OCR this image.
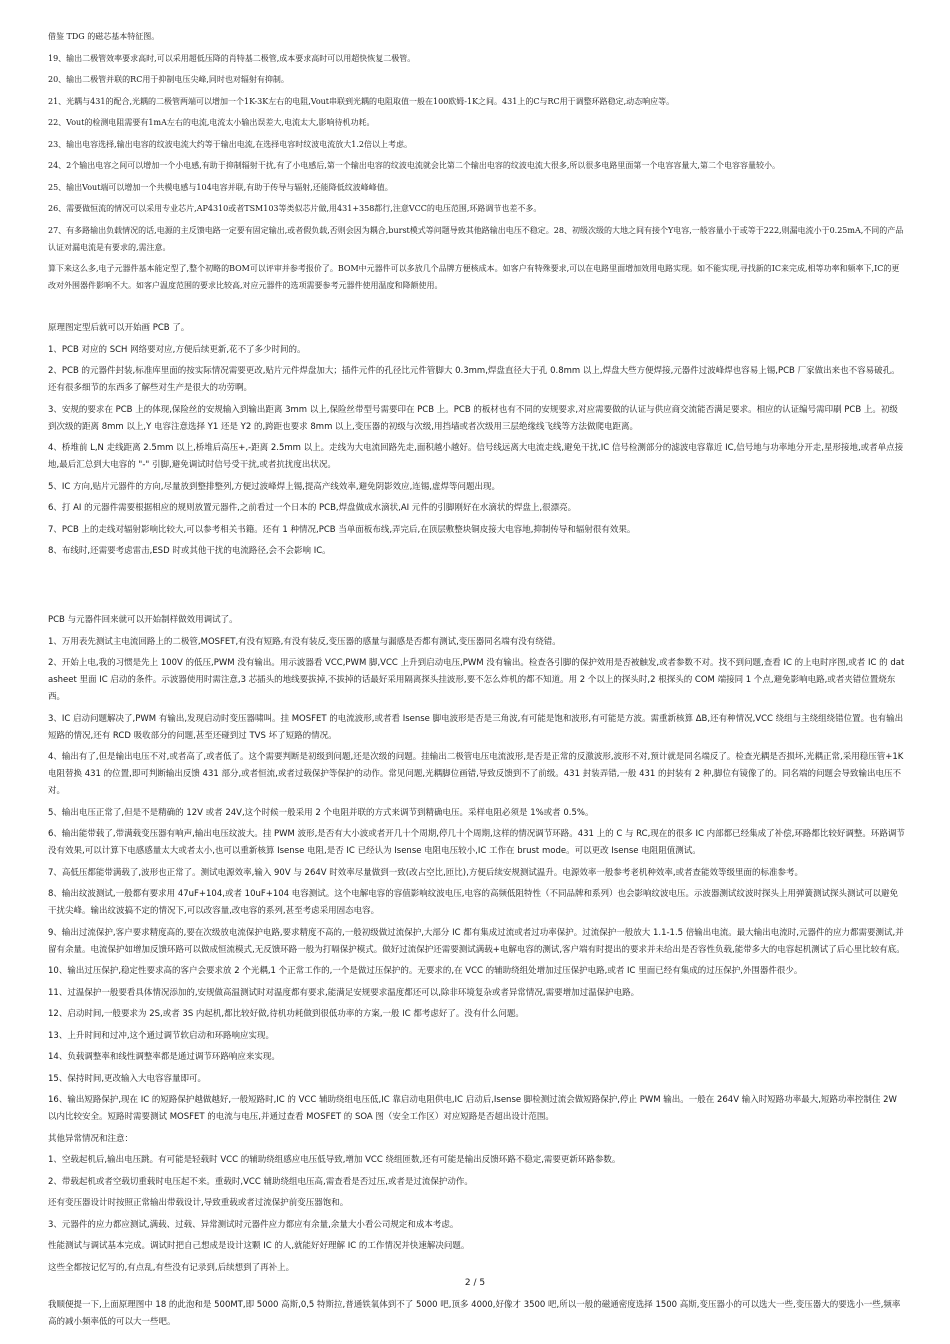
借鉴 TDG 的磁芯基本特征图。

19、输出二极管效率要求高时,可以采用超低压降的肖特基二极管,成本要求高时可以用超快恢复二极管。

20、输出二极管并联的RC用于抑制电压尖峰,同时也对辐射有抑制。

21、光耦与431的配合,光耦的二极管两端可以增加一个1K-3K左右的电阻,Vout串联到光耦的电阻取值一般在100欧姆-1K之间。431上的C与RC用于调整环路稳定,动态响应等。

22、Vout的检测电阻需要有1mA左右的电流,电流太小输出误差大,电流太大,影响待机功耗。

23、输出电容选择,输出电容的纹波电流大约等于输出电流,在选择电容时纹波电流放大1.2倍以上考虑。

24、2个输出电容之间可以增加一个小电感,有助于抑制辐射干扰,有了小电感后,第一个输出电容的纹波电流就会比第二个输出电容的纹波电流大很多,所以很多电路里面第一个电容容量大,第二个电容容量较小。

25、输出Vout端可以增加一个共模电感与104电容并联,有助于传导与辐射,还能降低纹波峰峰值。

26、需要做恒流的情况可以采用专业芯片,AP4310或者TSM103等类似芯片做,用431+358都行,注意VCC的电压范围,环路调节也差不多。

27、有多路输出负载情况的话,电源的主反馈电路一定要有固定输出,或者假负载,否则会因为耦合,burst模式等问题导致其他路输出电压不稳定。28、初级次级的大地之间有接个Y电容,一般容量小于或等于222,则漏电流小于0.25mA,不同的产品认证对漏电流是有要求的,需注意。

算下来这么多,电子元器件基本能定型了,整个初略的BOM可以评审并参考报价了。BOM中元器件可以多放几个品牌方便核成本。如客户有特殊要求,可以在电路里面增加效用电路实现。如不能实现,寻找新的IC来完成,相等功率和频率下,IC的更改对外围器件影响不大。如客户温度范围的要求比较高,对应元器件的选项需要参考元器件使用温度和降额使用。

原理图定型后就可以开始画 PCB 了。

1、PCB 对应的 SCH 网络要对应,方便后续更新,花不了多少时间的。

2、PCB 的元器件封装,标准库里面的按实际情况需要更改,贴片元件焊盘加大；插件元件的孔径比元件管脚大 0.3mm,焊盘直径大于孔 0.8mm 以上,焊盘大些方便焊接,元器件过波峰焊也容易上锡,PCB 厂家做出来也不容易破孔。还有很多细节的东西多了解些对生产是很大的功劳啊。

3、安规的要求在 PCB 上的体现,保险丝的安规输入到输出距离 3mm 以上,保险丝带型号需要印在 PCB 上。PCB 的板材也有不同的安规要求,对应需要做的认证与供应商交流能否满足要求。相应的认证编号需印刷 PCB 上。初级到次级的距离 8mm 以上,Y 电容注意选择 Y1 还是 Y2 的,跨距也要求 8mm 以上,变压器的初级与次级,用挡墙或者次级用三层绝缘线飞线等方法做爬电距离。

4、桥堆前 L,N 走线距离 2.5mm 以上,桥堆后高压+,-距离 2.5mm 以上。走线为大电流回路先走,面积越小越好。信号线远离大电流走线,避免干扰,IC 信号检测部分的滤波电容靠近 IC,信号地与功率地分开走,星形接地,或者单点接地,最后汇总到大电容的 "-" 引脚,避免调试时信号受干扰,或者抗扰度出状况。

5、IC 方向,贴片元器件的方向,尽量放到整排整列,方便过波峰焊上锡,提高产线效率,避免阴影效应,连锡,虚焊等问题出现。

6、打 AI 的元器件需要根据相应的规则放置元器件,之前看过一个日本的 PCB,焊盘做成水滴状,AI 元件的引脚刚好在水滴状的焊盘上,很漂亮。

7、PCB 上的走线对辐射影响比较大,可以参考相关书籍。还有 1 种情况,PCB 当单面板布线,弄完后,在顶层敷整块铜皮接大电容地,抑制传导和辐射很有效果。

8、布线时,还需要考虑雷击,ESD 时或其他干扰的电流路径,会不会影响 IC。

PCB 与元器件回来就可以开始制样做效用调试了。

1、万用表先测试主电流回路上的二极管,MOSFET,有没有短路,有没有装反,变压器的感量与漏感是否都有测试,变压器同名端有没有绕错。

2、开始上电,我的习惯是先上 100V 的低压,PWM 没有输出。用示波器看 VCC,PWM 脚,VCC 上升到启动电压,PWM 没有输出。检查各引脚的保护效用是否被触发,或者参数不对。找不到问题,查看 IC 的上电时序图,或者 IC 的 datasheet 里面 IC 启动的条件。示波器使用时需注意,3 芯插头的地线要拔掉,不拔掉的话最好采用隔离探头挂波形,要不怎么炸机的都不知道。用 2 个以上的探头时,2 根探头的 COM 端接同 1 个点,避免影响电路,或者夹错位置烧东西。

3、IC 启动问题解决了,PWM 有输出,发现启动时变压器啸叫。挂 MOSFET 的电流波形,或者看 Isense 脚电波形是否是三角波,有可能是饱和波形,有可能是方波。需重新核算 ΔB,还有种情况,VCC 绕组与主绕组绕错位置。也有输出短路的情况,还有 RCD 吸收部分的问题,甚至还碰到过 TVS 坏了短路的情况。

4、输出有了,但是输出电压不对,或者高了,或者低了。这个需要判断是初级到问题,还是次级的问题。挂输出二极管电压电流波形,是否是正常的反激波形,波形不对,预计就是同名端反了。检查光耦是否损坏,光耦正常,采用稳压管+1K 电阻替换 431 的位置,即可判断输出反馈 431 部分,或者恒流,或者过载保护等保护的动作。常见问题,光耦脚位画错,导致反馈到不了前级。431 封装弄错,一般 431 的封装有 2 种,脚位有镜像了的。同名端的问题会导致输出电压不对。

5、输出电压正常了,但是不是精确的 12V 或者 24V,这个时候一般采用 2 个电阻并联的方式来调节到精确电压。采样电阻必须是 1%或者 0.5%。

6、输出能带载了,带满载变压器有响声,输出电压纹波大。挂 PWM 波形,是否有大小波或者开几十个周期,停几十个周期,这样的情况调节环路。431 上的 C 与 RC,现在的很多 IC 内部都已经集成了补偿,环路都比较好调整。环路调节没有效果,可以计算下电感感量太大或者太小,也可以重新核算 Isense 电阻,是否 IC 已经认为 Isense 电阻电压较小,IC 工作在 brust mode。可以更改 Isense 电阻阻值测试。

7、高低压都能带满载了,波形也正常了。测试电源效率,输入 90V 与 264V 时效率尽量做到一致(改占空比,匝比),方便后续安规测试温升。电源效率一般参考老机种效率,或者查能效等级里面的标准参考。

8、输出纹波测试,一般都有要求用 47uF+104,或者 10uF+104 电容测试。这个电解电容的容值影响纹波电压,电容的高频低阻特性（不同品牌和系列）也会影响纹波电压。示波器测试纹波时探头上用弹簧测试探头测试可以避免干扰尖峰。输出纹波搞不定的情况下,可以改容量,改电容的系列,甚至考虑采用固态电容。

9、输出过流保护,客户要求精度高的,要在次级放电流保护电路,要求精度不高的,一般初级做过流保护,大部分 IC 都有集成过流或者过功率保护。过流保护一般放大 1.1-1.5 倍输出电流。最大输出电流时,元器件的应力都需要测试,并留有余量。电流保护如增加反馈环路可以做成恒流模式,无反馈环路一般为打嗝保护模式。做好过流保护还需要测试满载+电解电容的测试,客户端有时提出的要求并未给出是否容性负载,能带多大的电容起机测试了后心里比较有底。

10、输出过压保护,稳定性要求高的客户会要求放 2 个光耦,1 个正常工作的,一个是做过压保护的。无要求的,在 VCC 的辅助绕组处增加过压保护电路,或者 IC 里面已经有集成的过压保护,外围器件很少。

11、过温保护一般要看具体情况添加的,安规做高温测试时对温度都有要求,能满足安规要求温度都还可以,除非环境复杂或者异常情况,需要增加过温保护电路。

12、启动时间,一般要求为 2S,或者 3S 内起机,都比较好做,待机功耗做到很低功率的方案,一般 IC 都考虑好了。没有什么问题。

13、上升时间和过冲,这个通过调节软启动和环路响应实现。

14、负载调整率和线性调整率都是通过调节环路响应来实现。

15、保持时间,更改输入大电容容量即可。

16、输出短路保护,现在 IC 的短路保护越做越好,一般短路时,IC 的 VCC 辅助绕组电压低,IC 靠启动电阻供电,IC 启动后,Isense 脚检测过流会做短路保护,停止 PWM 输出。一般在 264V 输入时短路功率最大,短路功率控制住 2W 以内比较安全。短路时需要测试 MOSFET 的电流与电压,并通过查看 MOSFET 的 SOA 图（安全工作区）对应短路是否超出设计范围。

其他异常情况和注意：

1、空载起机后,输出电压跳。有可能是轻载时 VCC 的辅助绕组感应电压低导致,增加 VCC 绕组匝数,还有可能是输出反馈环路不稳定,需要更新环路参数。

2、带载起机或者空载切重载时电压起不来。重载时,VCC 辅助绕组电压高,需查看是否过压,或者是过流保护动作。

还有变压器设计时按照正常输出带载设计,导致重载或者过流保护前变压器饱和。

3、元器件的应力都应测试,满载、过载、异常测试时元器件应力都应有余量,余量大小看公司规定和成本考虑。

性能测试与调试基本完成。调试时把自己想成是设计这颗 IC 的人,就能好好理解 IC 的工作情况并快速解决问题。

这些全都按记忆写的,有点乱,有些没有记录到,后续想到了再补上。

我顺便提一下,上面原理图中 18 的此泡和是 500MT,即 5000 高斯,0,5 特斯拉,普通铁氧体到不了 5000 吧,顶多 4000,好像才 3500 吧,所以一般的磁通密度选择 1500 高斯,变压器小的可以选大一些,变压器大的要选小一些,频率高的减小频率低的可以大一些吧。

2 / 5
